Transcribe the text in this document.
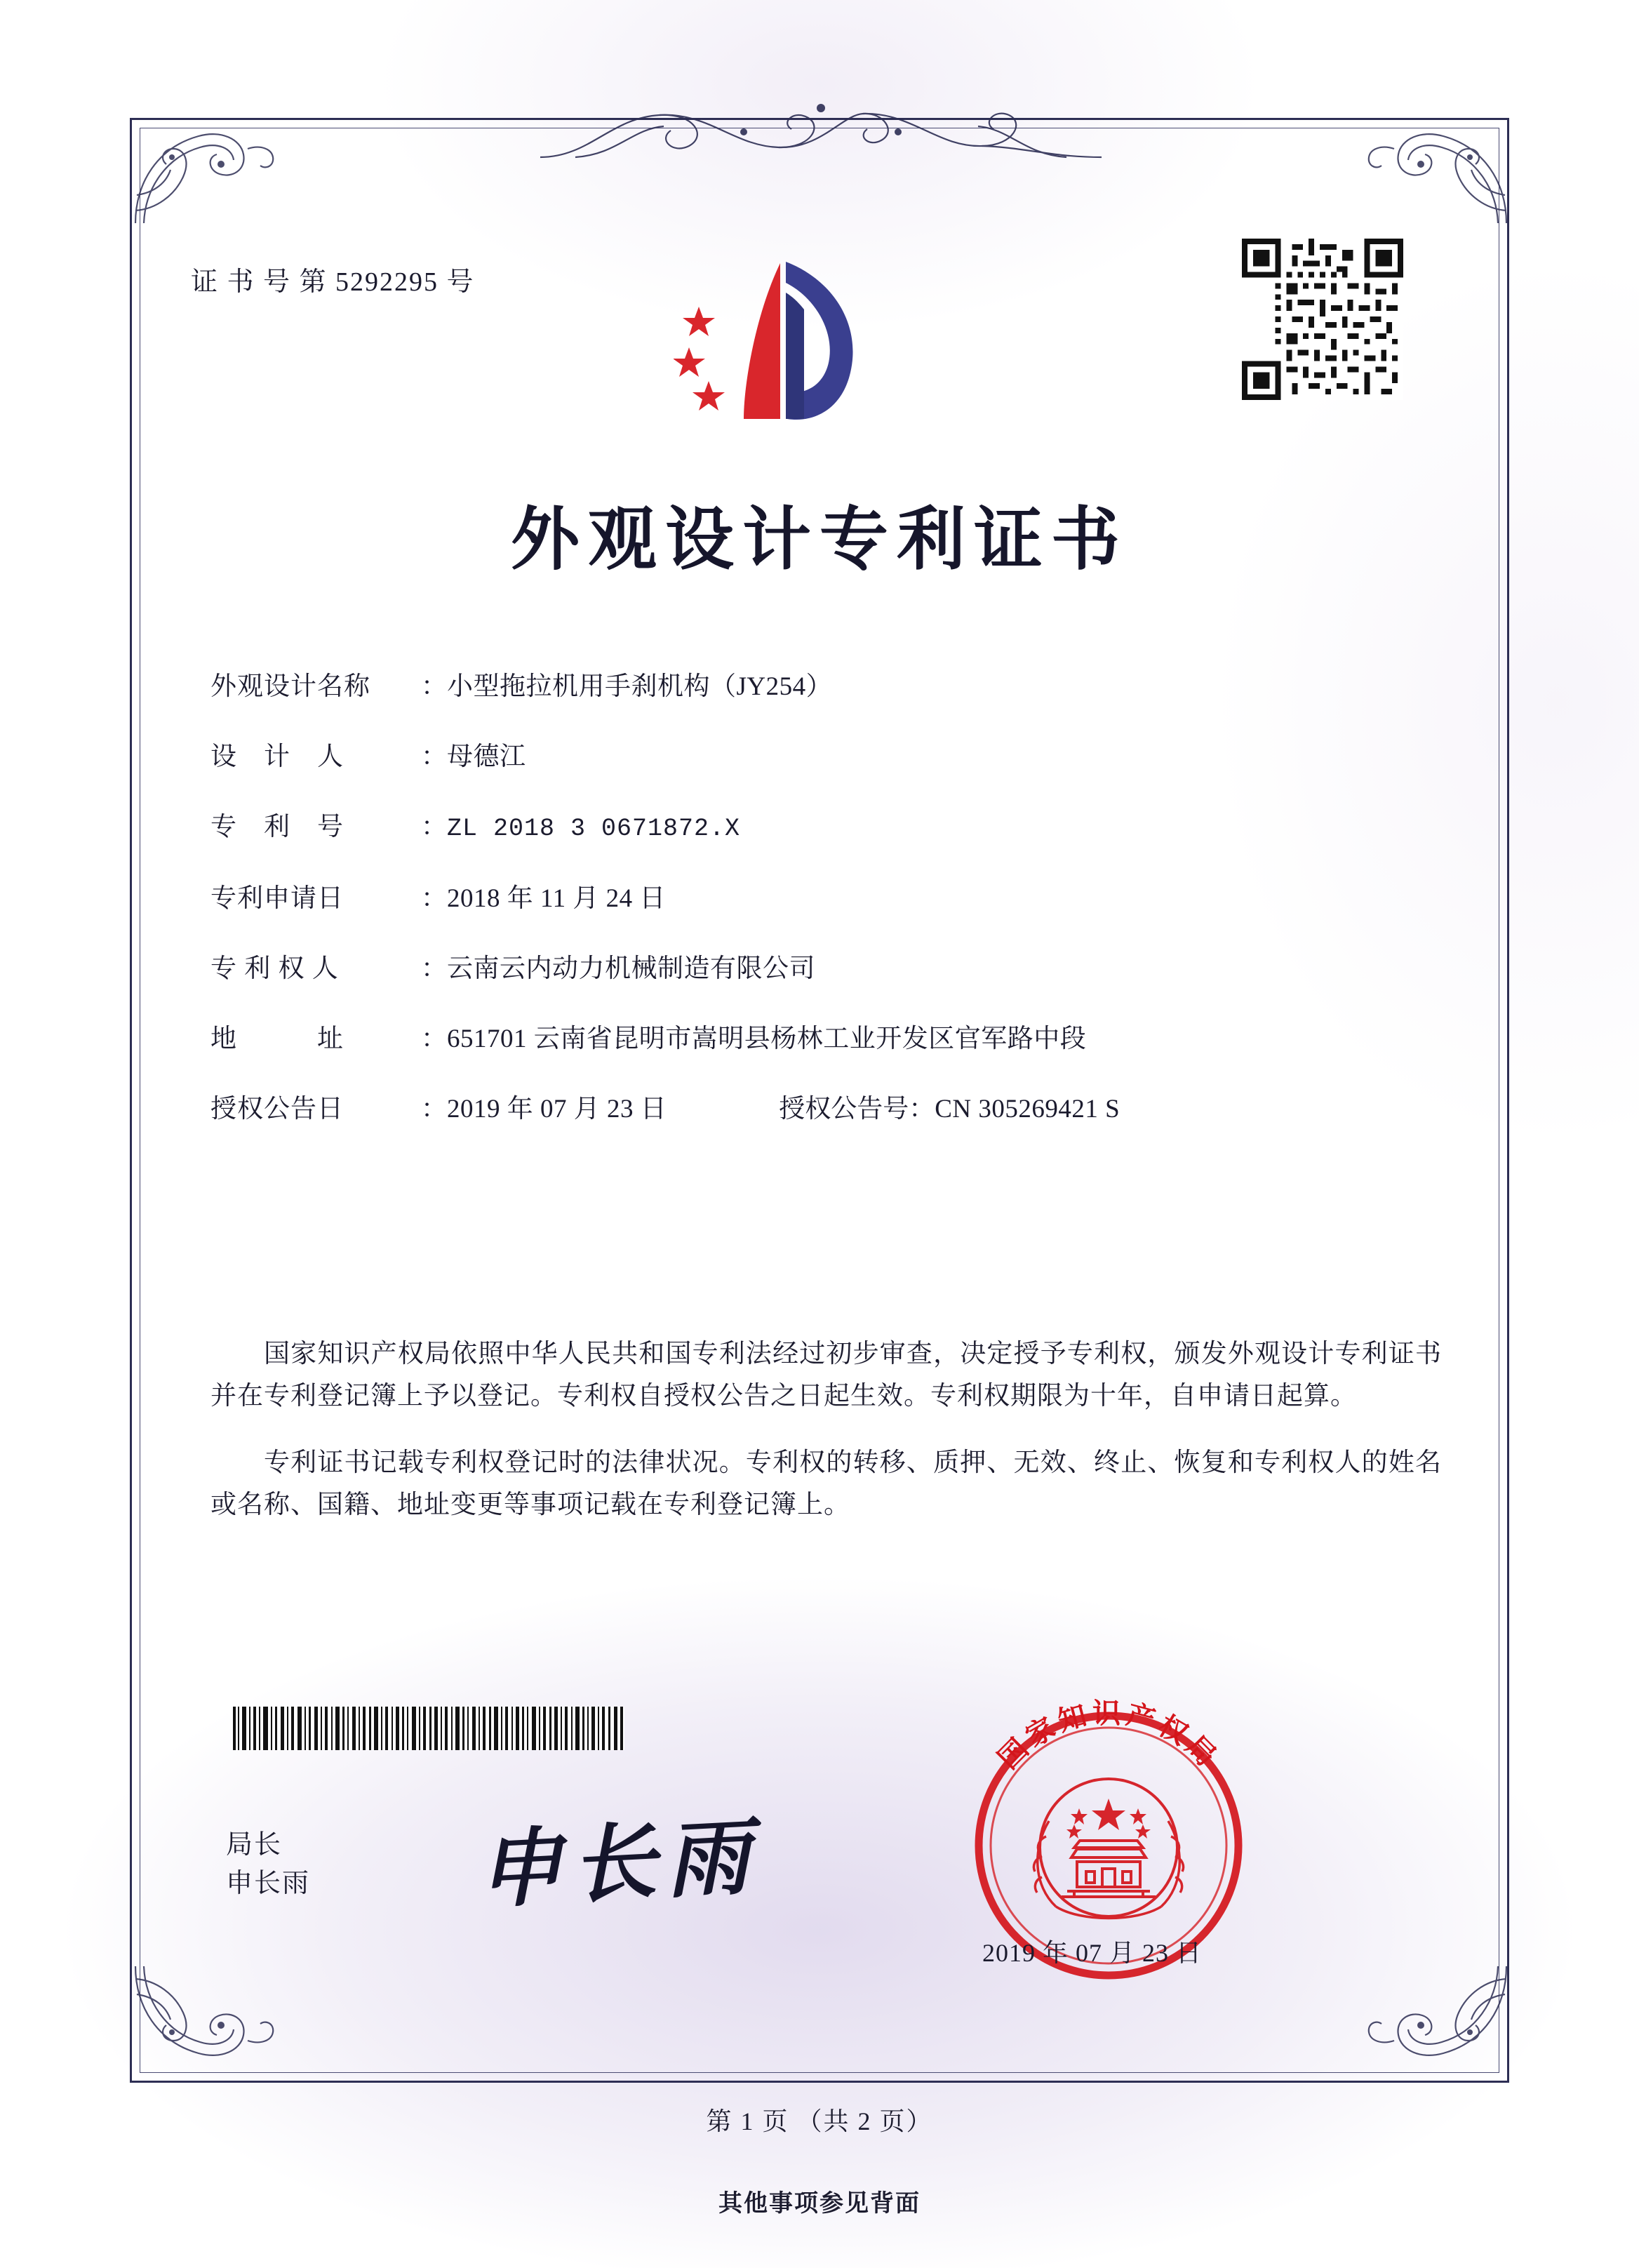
证 书 号 第 5292295 号
外观设计专利证书
外观设计名称	： 小型拖拉机用手刹机构（JY254）
设　计　人	： 母德江
专　利　号	： ZL 2018 3 0671872.X
专利申请日	： 2018 年 11 月 24 日
专 利 权 人	： 云南云内动力机械制造有限公司
地　　　址	： 651701 云南省昆明市嵩明县杨林工业开发区官军路中段
授权公告日	： 2019 年 07 月 23 日	授权公告号 ： CN 305269421 S
国家知识产权局依照中华人民共和国专利法经过初步审查，决定授予专利权，颁发外观设计专利证书并在专利登记簿上予以登记。专利权自授权公告之日起生效。专利权期限为十年，自申请日起算。
专利证书记载专利权登记时的法律状况。专利权的转移、质押、无效、终止、恢复和专利权人的姓名或名称、国籍、地址变更等事项记载在专利登记簿上。
局长
申长雨 申长雨
国家知识产权局
2019 年 07 月 23 日
第 1 页 （共 2 页）
其他事项参见背面
